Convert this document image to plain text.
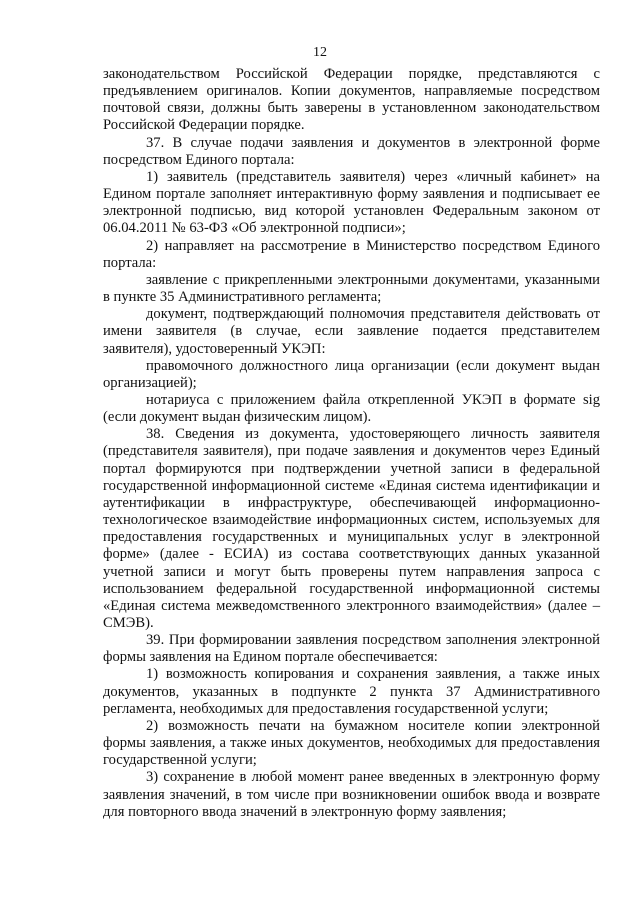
12

законодательством Российской Федерации порядке, представляются с предъявлением оригиналов. Копии документов, направляемые посредством почтовой связи, должны быть заверены в установленном законодательством Российской Федерации порядке.

37. В случае подачи заявления и документов в электронной форме посредством Единого портала:

1) заявитель (представитель заявителя) через «личный кабинет» на Едином портале заполняет интерактивную форму заявления и подписывает ее электронной подписью, вид которой установлен Федеральным законом от 06.04.2011 № 63-ФЗ «Об электронной подписи»;

2) направляет на рассмотрение в Министерство посредством Единого портала:

заявление с прикрепленными электронными документами, указанными в пункте 35 Административного регламента;

документ, подтверждающий полномочия представителя действовать от имени заявителя (в случае, если заявление подается представителем заявителя), удостоверенный УКЭП:

правомочного должностного лица организации (если документ выдан организацией);

нотариуса с приложением файла открепленной УКЭП в формате sig (если документ выдан физическим лицом).

38. Сведения из документа, удостоверяющего личность заявителя (представителя заявителя), при подаче заявления и документов через Единый портал формируются при подтверждении учетной записи в федеральной государственной информационной системе «Единая система идентификации и аутентификации в инфраструктуре, обеспечивающей информационно-технологическое взаимодействие информационных систем, используемых для предоставления государственных и муниципальных услуг в электронной форме» (далее - ЕСИА) из состава соответствующих данных указанной учетной записи и могут быть проверены путем направления запроса с использованием федеральной государственной информационной системы «Единая система межведомственного электронного взаимодействия» (далее – СМЭВ).

39. При формировании заявления посредством заполнения электронной формы заявления на Едином портале обеспечивается:

1) возможность копирования и сохранения заявления, а также иных документов, указанных в подпункте 2 пункта 37 Административного регламента, необходимых для предоставления государственной услуги;

2) возможность печати на бумажном носителе копии электронной формы заявления, а также иных документов, необходимых для предоставления государственной услуги;

3) сохранение в любой момент ранее введенных в электронную форму заявления значений, в том числе при возникновении ошибок ввода и возврате для повторного ввода значений в электронную форму заявления;
